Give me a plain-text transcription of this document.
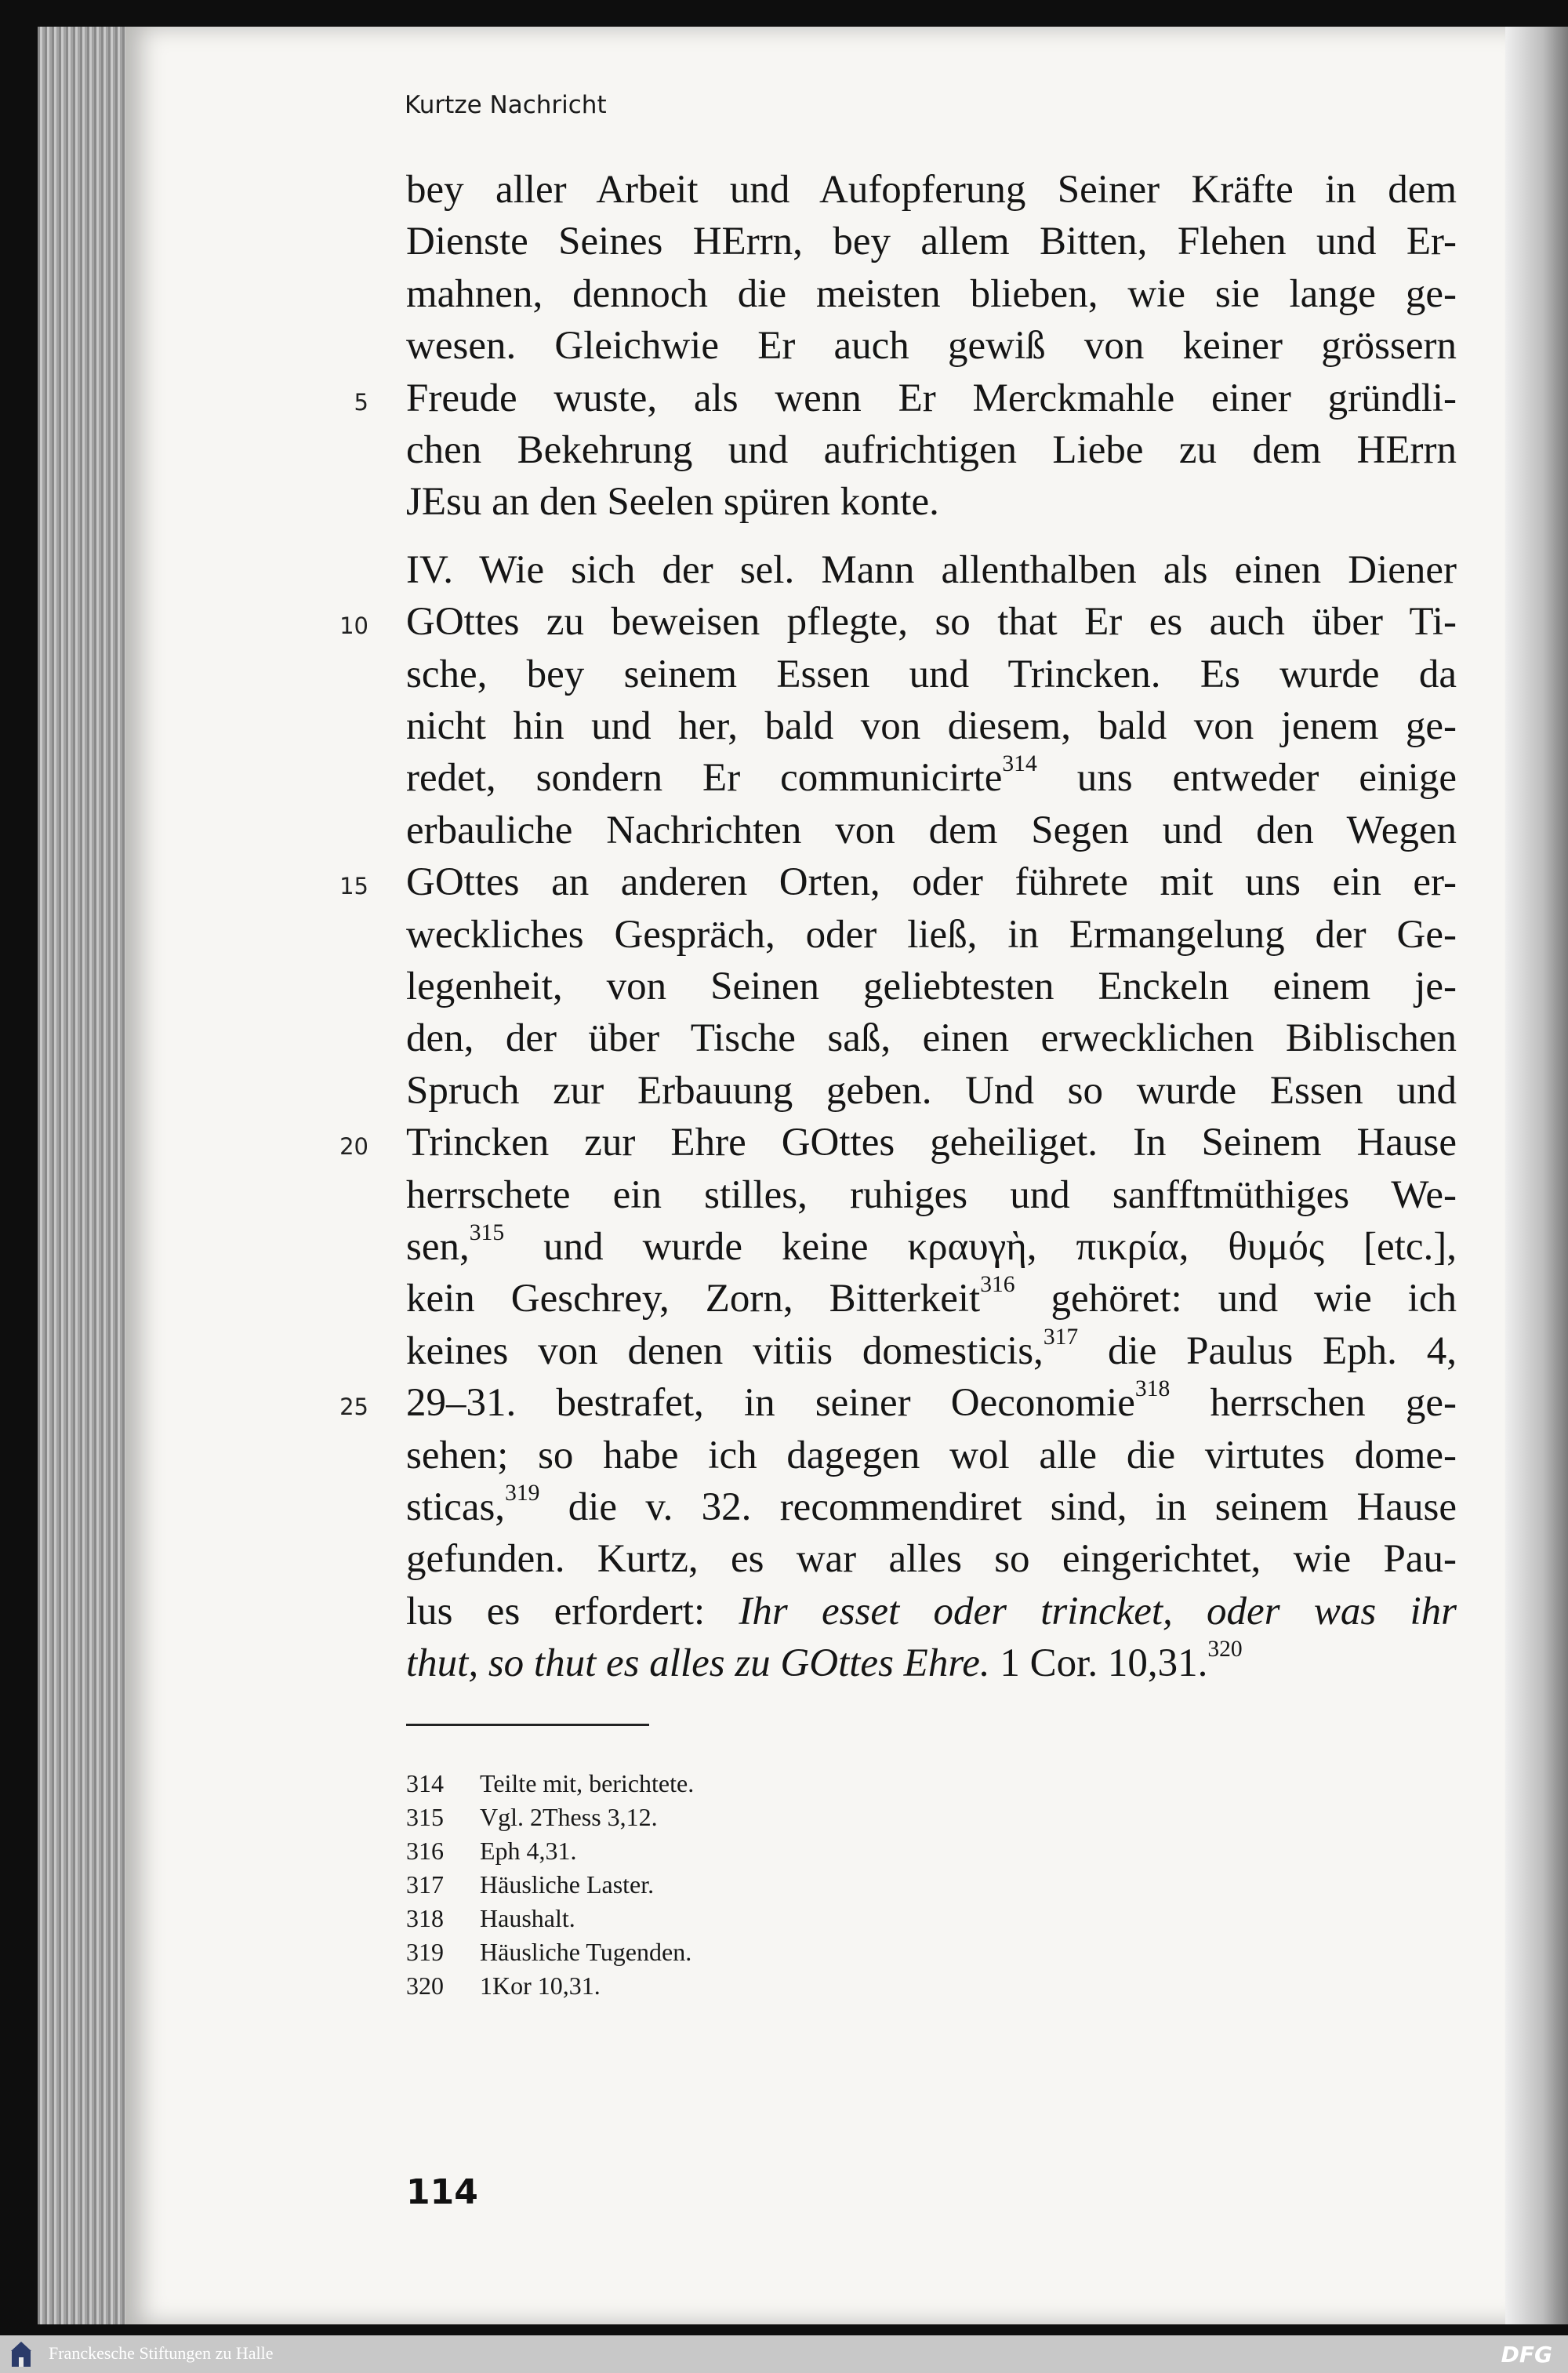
Kurtze Nachricht
bey aller Arbeit und Aufopferung Seiner Kräfte in dem
Dienste Seines HErrn, bey allem Bitten, Flehen und Er-
mahnen, dennoch die meisten blieben, wie sie lange ge-
wesen. Gleichwie Er auch gewiß von keiner grössern
Freude wuste, als wenn Er Merckmahle einer gründli-
5
chen Bekehrung und aufrichtigen Liebe zu dem HErrn
JEsu an den Seelen spüren konte.
IV. Wie sich der sel. Mann allenthalben als einen Diener
GOttes zu beweisen pflegte, so that Er es auch über Ti-
10
sche, bey seinem Essen und Trincken. Es wurde da
nicht hin und her, bald von diesem, bald von jenem ge-
redet, sondern Er communicirte$^{314}$ uns entweder einige
erbauliche Nachrichten von dem Segen und den Wegen
GOttes an anderen Orten, oder führete mit uns ein er-
15
weckliches Gespräch, oder ließ, in Ermangelung der Ge-
legenheit, von Seinen geliebtesten Enckeln einem je-
den, der über Tische saß, einen erwecklichen Biblischen
Spruch zur Erbauung geben. Und so wurde Essen und
Trincken zur Ehre GOttes geheiliget. In Seinem Hause
20
herrschete ein stilles, ruhiges und sanfftmüthiges We-
sen,$^{315}$ und wurde keine κραυγὴ, πικρία, θυμός [etc.],
kein Geschrey, Zorn, Bitterkeit$^{316}$ gehöret: und wie ich
keines von denen vitiis domesticis,$^{317}$ die Paulus Eph. 4,
29–31. bestrafet, in seiner Oeconomie$^{318}$ herrschen ge-
25
sehen; so habe ich dagegen wol alle die virtutes dome-
sticas,$^{319}$ die v. 32. recommendiret sind, in seinem Hause
gefunden. Kurtz, es war alles so eingerichtet, wie Pau-
lus es erfordert: Ihr esset oder trincket, oder was ihr
thut, so thut es alles zu GOttes Ehre. 1 Cor. 10,31.$^{320}$
314 Teilte mit, berichtete.
315 Vgl. 2Thess 3,12.
316 Eph 4,31.
317 Häusliche Laster.
318 Haushalt.
319 Häusliche Tugenden.
320 1Kor 10,31.
114
Franckesche Stiftungen zu Halle	DFG
